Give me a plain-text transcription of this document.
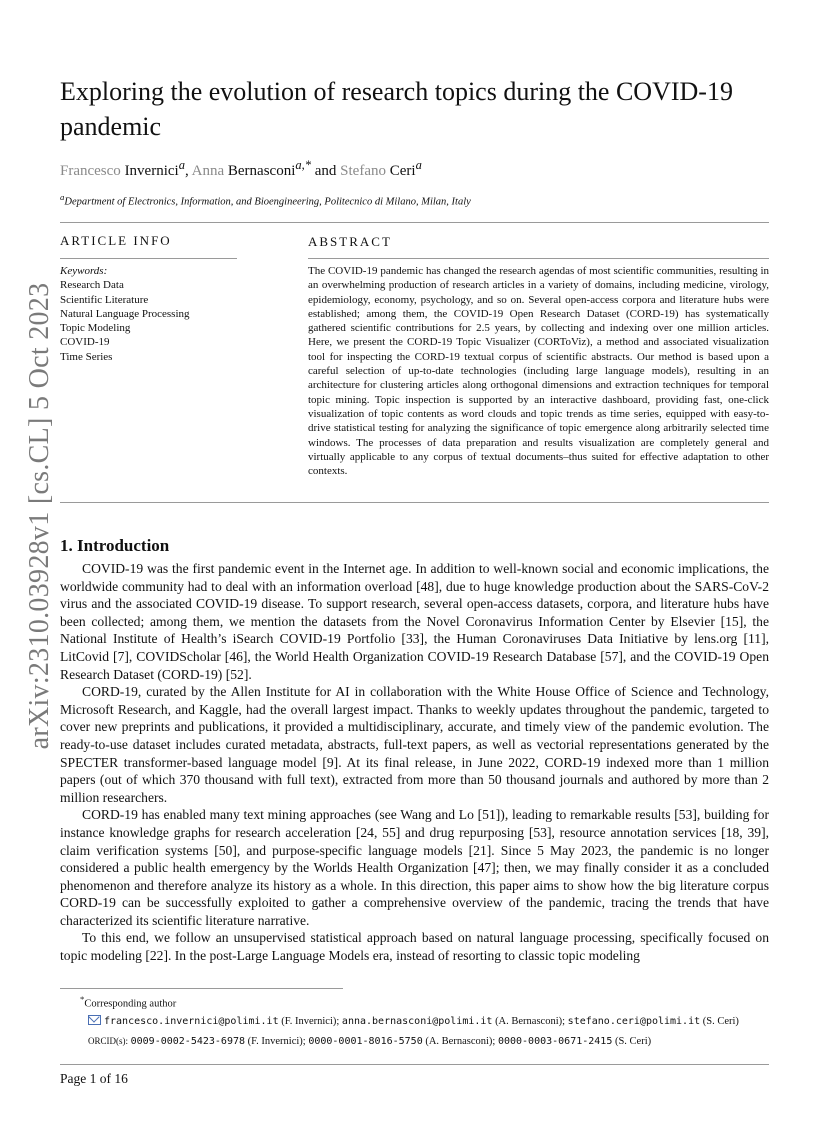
arXiv:2310.03928v1 [cs.CL] 5 Oct 2023
Exploring the evolution of research topics during the COVID-19 pandemic
Francesco Invernici$^a$, Anna Bernasconi$^{a,*}$ and Stefano Ceri$^a$
$^a$Department of Electronics, Information, and Bioengineering, Politecnico di Milano, Milan, Italy
ARTICLE INFO	ABSTRACT
Keywords:
Research Data
Scientific Literature
Natural Language Processing
Topic Modeling
COVID-19
Time Series
The COVID-19 pandemic has changed the research agendas of most scientific communities, resulting in an overwhelming production of research articles in a variety of domains, including medicine, virology, epidemiology, economy, psychology, and so on. Several open-access corpora and literature hubs were established; among them, the COVID-19 Open Research Dataset (CORD-19) has systematically gathered scientific contributions for 2.5 years, by collecting and indexing over one million articles. Here, we present the CORD-19 Topic Visualizer (CORToViz), a method and associated visualization tool for inspecting the CORD-19 textual corpus of scientific abstracts. Our method is based upon a careful selection of up-to-date technologies (including large language models), resulting in an architecture for clustering articles along orthogonal dimensions and extraction techniques for temporal topic mining. Topic inspection is supported by an interactive dashboard, providing fast, one-click visualization of topic contents as word clouds and topic trends as time series, equipped with easy-to-drive statistical testing for analyzing the significance of topic emergence along arbitrarily selected time windows. The processes of data preparation and results visualization are completely general and virtually applicable to any corpus of textual documents–thus suited for effective adaptation to other contexts.
1. Introduction

COVID-19 was the first pandemic event in the Internet age. In addition to well-known social and economic implications, the worldwide community had to deal with an information overload [48], due to huge knowledge production about the SARS-CoV-2 virus and the associated COVID-19 disease. To support research, several open-access datasets, corpora, and literature hubs have been collected; among them, we mention the datasets from the Novel Coronavirus Information Center by Elsevier [15], the National Institute of Health’s iSearch COVID-19 Portfolio [33], the Human Coronaviruses Data Initiative by lens.org [11], LitCovid [7], COVIDScholar [46], the World Health Organization COVID-19 Research Database [57], and the COVID-19 Open Research Dataset (CORD-19) [52].

CORD-19, curated by the Allen Institute for AI in collaboration with the White House Office of Science and Technology, Microsoft Research, and Kaggle, had the overall largest impact. Thanks to weekly updates throughout the pandemic, targeted to cover new preprints and publications, it provided a multidisciplinary, accurate, and timely view of the pandemic evolution. The ready-to-use dataset includes curated metadata, abstracts, full-text papers, as well as vectorial representations generated by the SPECTER transformer-based language model [9]. At its final release, in June 2022, CORD-19 indexed more than 1 million papers (out of which 370 thousand with full text), extracted from more than 50 thousand journals and authored by more than 2 million researchers.

CORD-19 has enabled many text mining approaches (see Wang and Lo [51]), leading to remarkable results [53], building for instance knowledge graphs for research acceleration [24, 55] and drug repurposing [53], resource annotation services [18, 39], claim verification systems [50], and purpose-specific language models [21]. Since 5 May 2023, the pandemic is no longer considered a public health emergency by the Worlds Health Organization [47]; then, we may finally consider it as a concluded phenomenon and therefore analyze its history as a whole. In this direction, this paper aims to show how the big literature corpus CORD-19 can be successfully exploited to gather a comprehensive overview of the pandemic, tracing the trends that have characterized its scientific literature narrative.

To this end, we follow an unsupervised statistical approach based on natural language processing, specifically focused on topic modeling [22]. In the post-Large Language Models era, instead of resorting to classic topic modeling

*Corresponding author
francesco.invernici@polimi.it (F. Invernici); anna.bernasconi@polimi.it (A. Bernasconi); stefano.ceri@polimi.it (S. Ceri)
ORCID(s): 0009-0002-5423-6978 (F. Invernici); 0000-0001-8016-5750 (A. Bernasconi); 0000-0003-0671-2415 (S. Ceri)
Page 1 of 16
